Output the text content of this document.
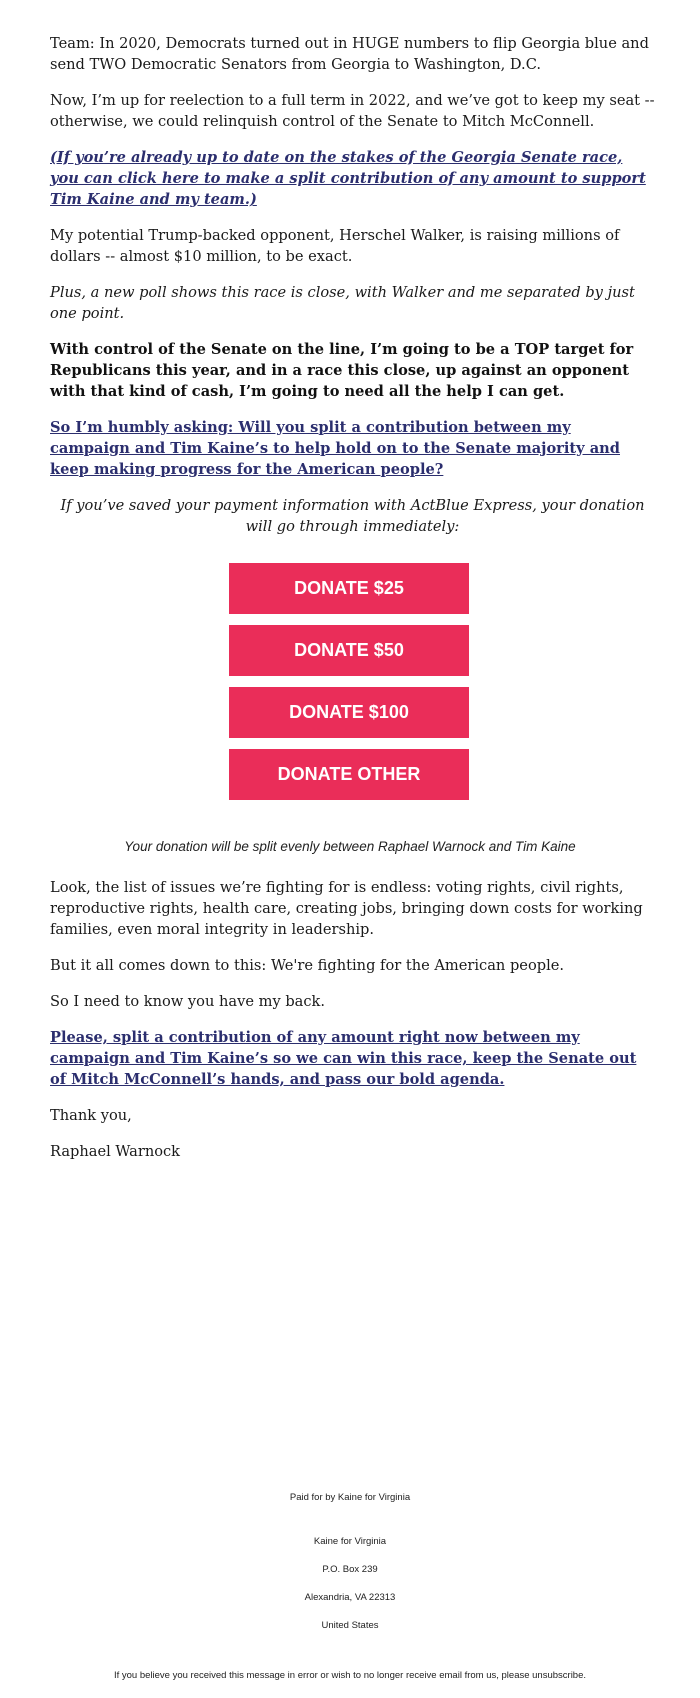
Team: In 2020, Democrats turned out in HUGE numbers to flip Georgia blue and send TWO Democratic Senators from Georgia to Washington, D.C.

Now, I’m up for reelection to a full term in 2022, and we’ve got to keep my seat -- otherwise, we could relinquish control of the Senate to Mitch McConnell.

(If you’re already up to date on the stakes of the Georgia Senate race, you can click here to make a split contribution of any amount to support Tim Kaine and my team.)

My potential Trump-backed opponent, Herschel Walker, is raising millions of dollars -- almost $10 million, to be exact.

Plus, a new poll shows this race is close, with Walker and me separated by just one point.

With control of the Senate on the line, I’m going to be a TOP target for Republicans this year, and in a race this close, up against an opponent with that kind of cash, I’m going to need all the help I can get.

So I’m humbly asking: Will you split a contribution between my campaign and Tim Kaine’s to help hold on to the Senate majority and keep making progress for the American people?

If you’ve saved your payment information with ActBlue Express, your donation will go through immediately:

DONATE $25
DONATE $50
DONATE $100
DONATE OTHER
Your donation will be split evenly between Raphael Warnock and Tim Kaine

Look, the list of issues we’re fighting for is endless: voting rights, civil rights, reproductive rights, health care, creating jobs, bringing down costs for working families, even moral integrity in leadership.

But it all comes down to this: We're fighting for the American people.

So I need to know you have my back.

Please, split a contribution of any amount right now between my campaign and Tim Kaine’s so we can win this race, keep the Senate out of Mitch McConnell’s hands, and pass our bold agenda.

Thank you,

Raphael Warnock

Paid for by Kaine for Virginia
Kaine for Virginia
P.O. Box 239
Alexandria, VA 22313
United States
If you believe you received this message in error or wish to no longer receive email from us, please unsubscribe.
